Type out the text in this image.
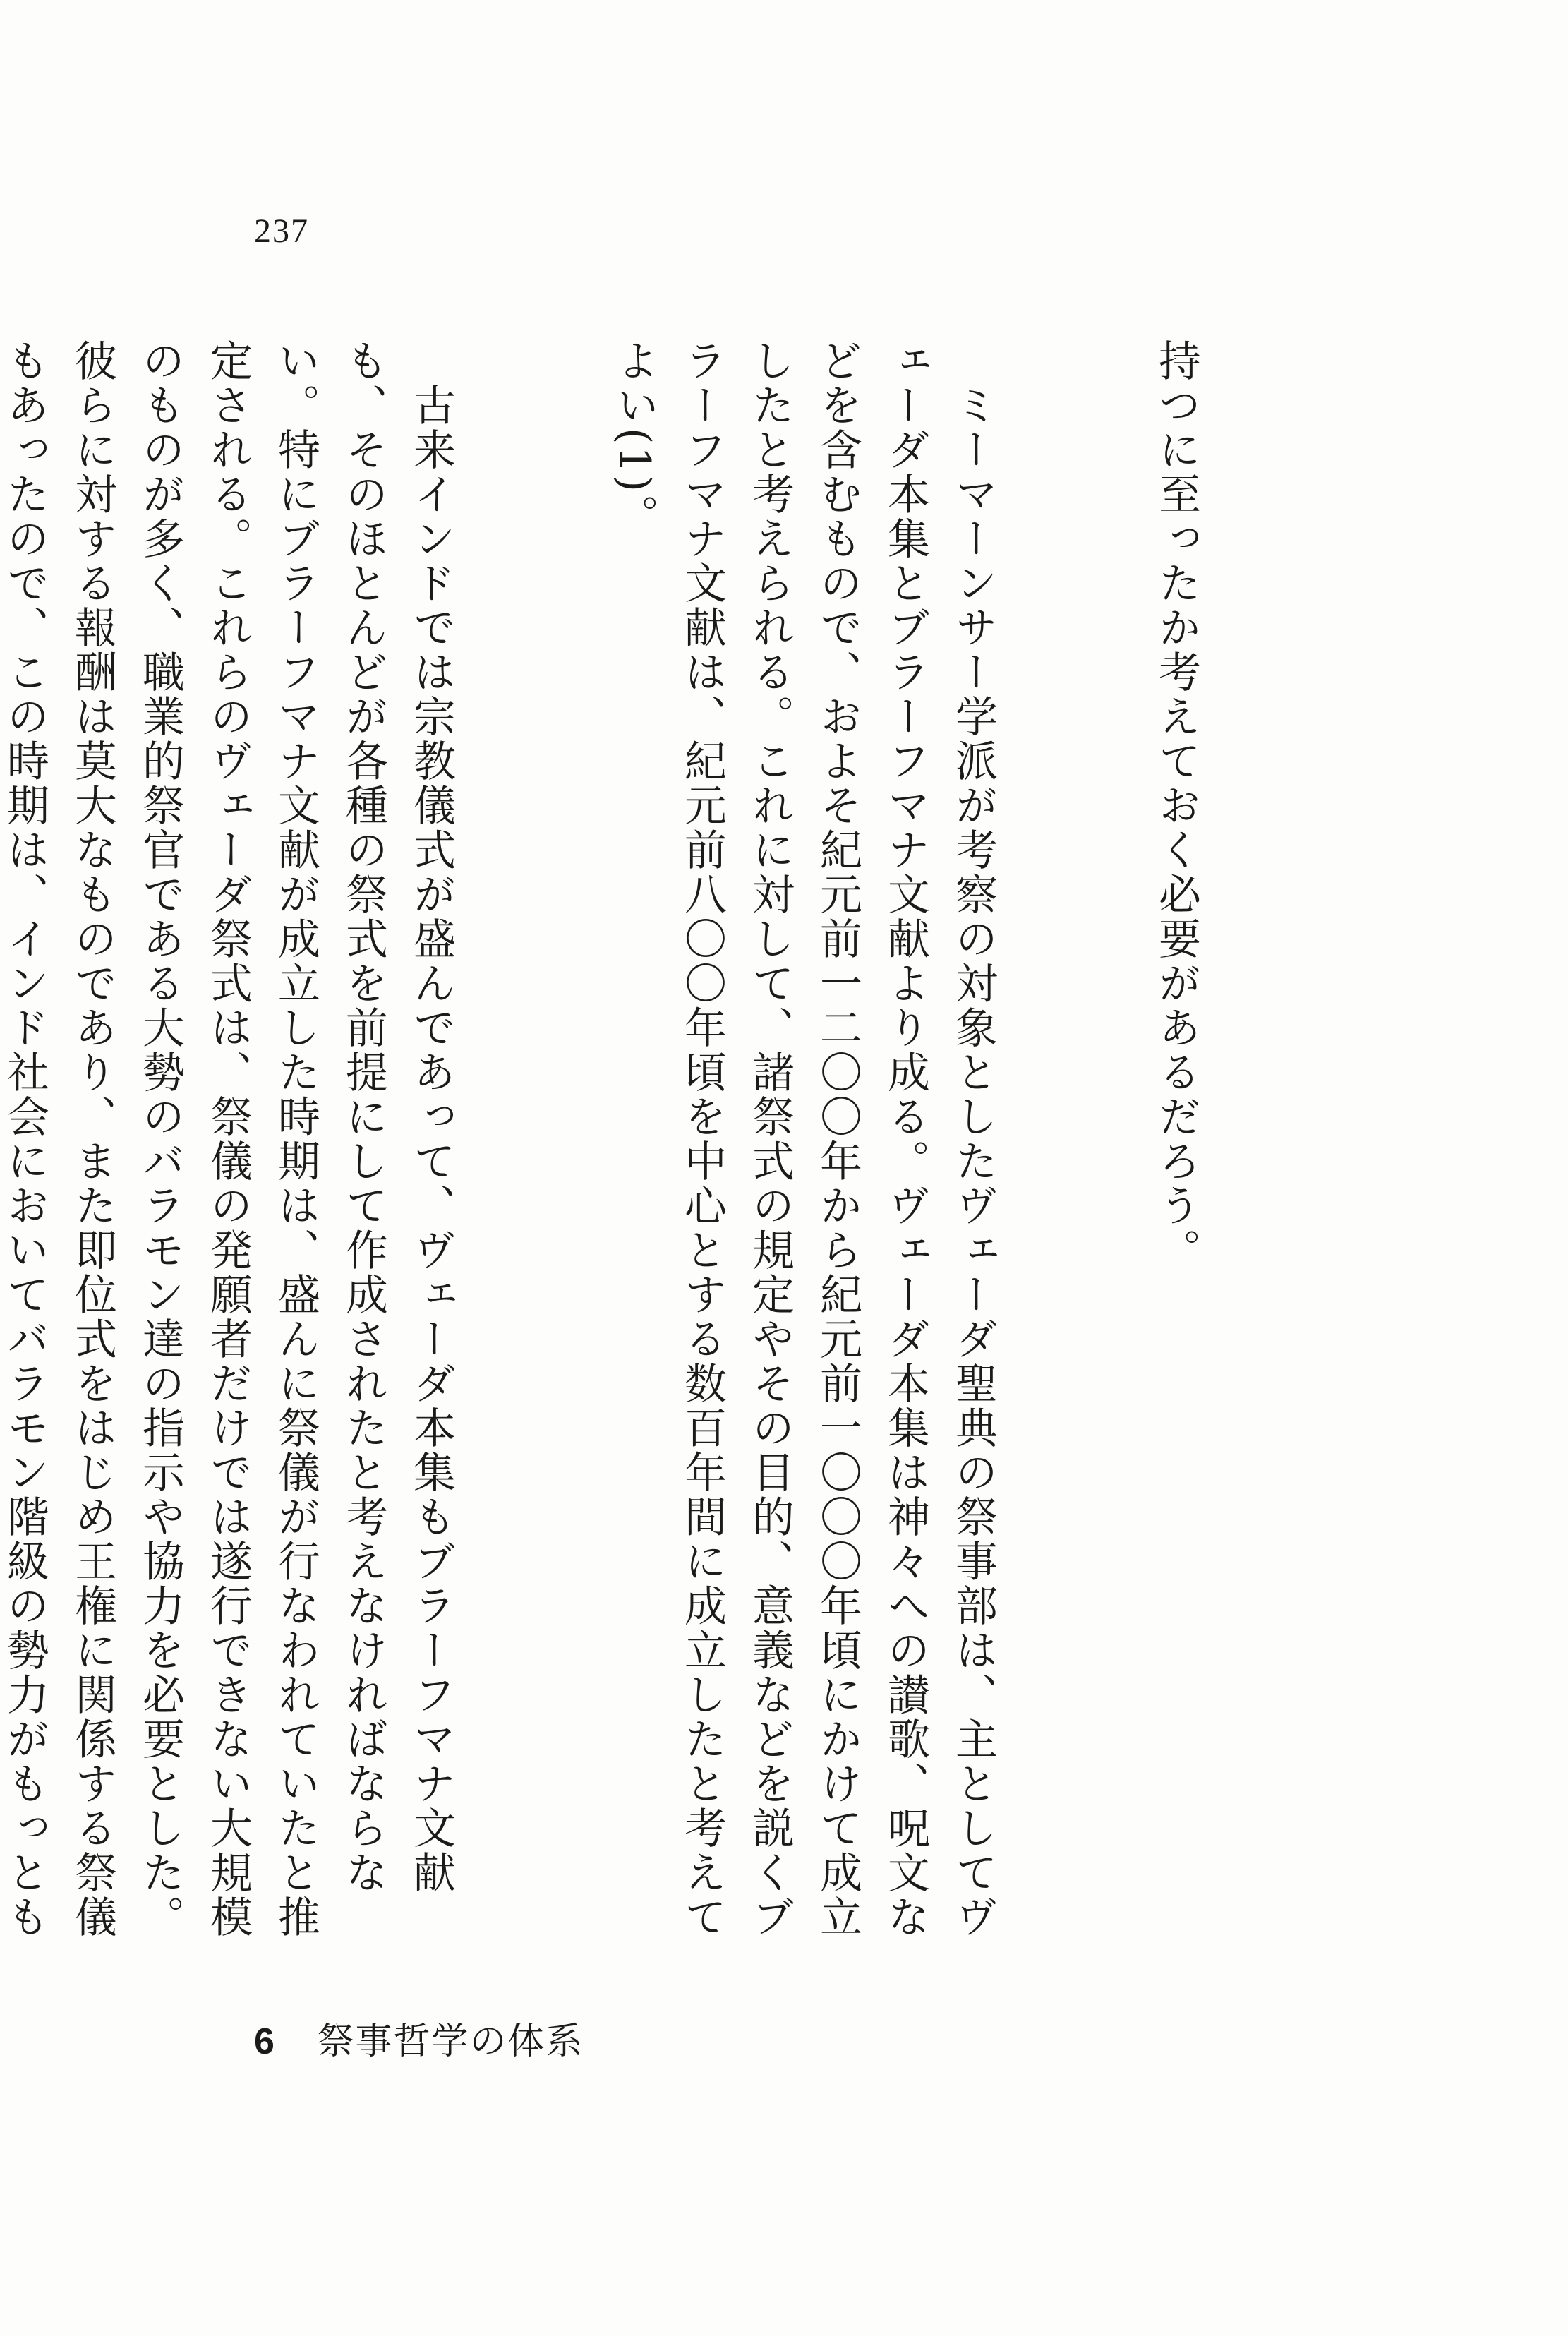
237

持つに至ったか考えておく必要があるだろう。

　ミーマーンサー学派が考察の対象としたヴェーダ聖典の祭事部は、主としてヴェーダ本集とブラーフマナ文献より成る。ヴェーダ本集は神々への讃歌、呪文などを含むもので、およそ紀元前一二〇〇年から紀元前一〇〇〇年頃にかけて成立したと考えられる。これに対して、諸祭式の規定やその目的、意義などを説くブラーフマナ文献は、紀元前八〇〇年頃を中心とする数百年間に成立したと考えてよい(1)。

　古来インドでは宗教儀式が盛んであって、ヴェーダ本集もブラーフマナ文献も、そのほとんどが各種の祭式を前提にして作成されたと考えなければならない。特にブラーフマナ文献が成立した時期は、盛んに祭儀が行なわれていたと推定される。これらのヴェーダ祭式は、祭儀の発願者だけでは遂行できない大規模のものが多く、職業的祭官である大勢のバラモン達の指示や協力を必要とした。彼らに対する報酬は莫大なものであり、また即位式をはじめ王権に関係する祭儀もあったので、この時期は、インド社会においてバラモン階級の勢力がもっとも

6 祭事哲学の体系
